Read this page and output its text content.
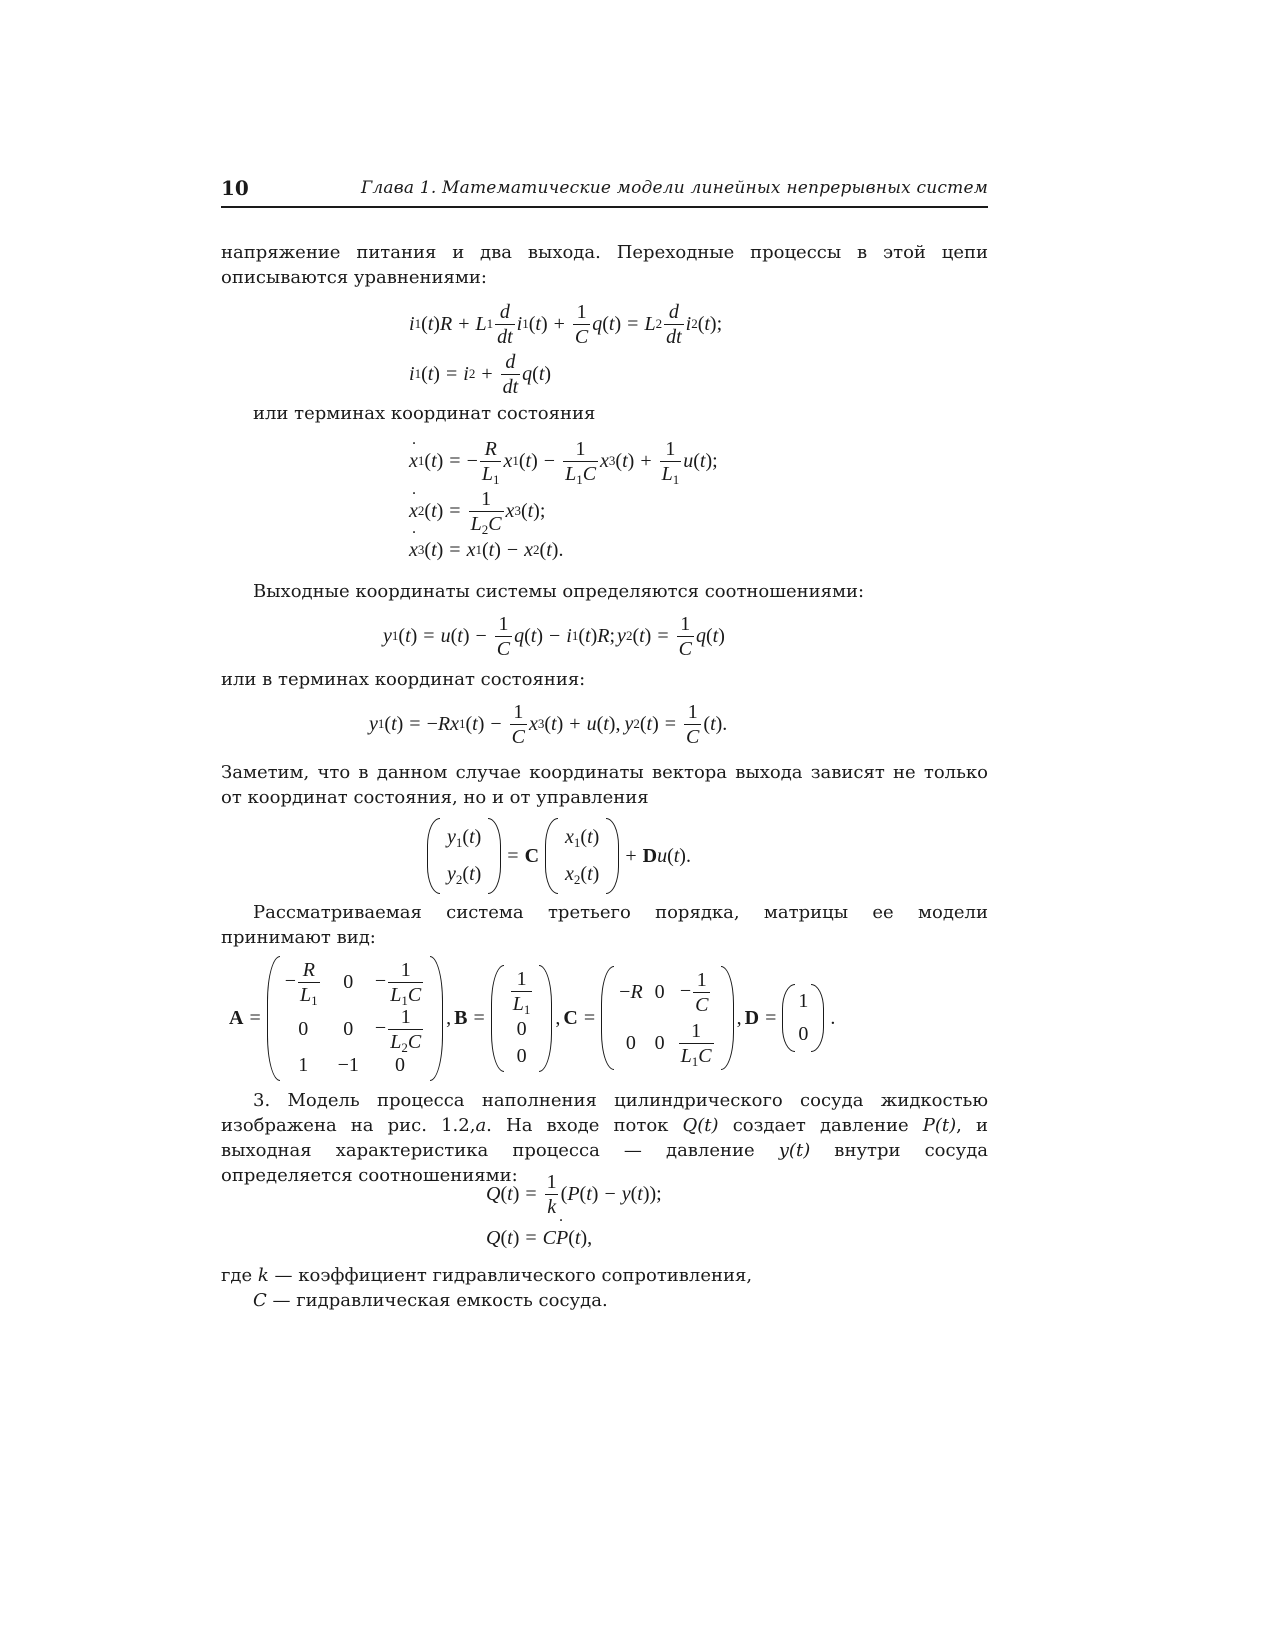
10	Глава 1. Математические модели линейных непрерывных систем
напряжение питания и два выхода. Переходные процессы в этой цепи описываются уравнениями:
i 1 ( t ) R + L $1 \frac{d}{dt}$ i 1 ( t ) + $\frac{1}{C}$ q ( t ) = L $2 \frac{d}{dt}$ i 2 ( t );
i 1 ( t ) = i $2 + \frac{d}{dt}$ q ( t )
или терминах координат состояния
˙ x 1 ( t ) = − $\frac{R}{L_1}$ x 1 ( t ) − $\frac{1}{L_1C}$ x 3 ( t ) + $\frac{1}{L_1}$ u ( t );
˙ x 2 ( t ) = $\frac{1}{L_2C}$ x 3 ( t );
˙ x 3 ( t ) = x 1 ( t ) − x 2 ( t ).
Выходные координаты системы определяются соотношениями:
y 1 ( t ) = u ( t ) − $\frac{1}{C}$ q ( t ) − i 1 ( t ) R ; y 2 ( t ) = $\frac{1}{C}$ q ( t )
или в терминах координат состояния:
y 1 ( t ) = − Rx 1 ( t ) − $\frac{1}{C}$ x 3 ( t ) + u ( t ), y 2 ( t ) = $\frac{1}{C}$ ( t ).
Заметим, что в данном случае координаты вектора выхода зависят не только от координат состояния, но и от управления
$y_1(t)$
$y_2(t)$
= C
$x_1(t)$
$x_2(t)$
+ D u ( t ).
Рассматриваемая система третьего порядка, матрицы ее модели принимают вид:
A =
− $\frac{R}{L_1} 0 - \frac{1}{L_1C}$
0 $0 - \frac{1}{L_2C}$
1 −1 0
, B =
$\frac{1}{L_1}$
0
0
, C =
−R $0 - \frac{1}{C}$
0 $0 \frac{1}{L_1C}$
, D =
1
0
.
3. Модель процесса наполнения цилиндрического сосуда жидкостью изображена на рис. 1.2,а. На входе поток Q(t) создает давление P(t), и выходная характеристика процесса — давление y(t) внутри сосуда определяется соотношениями:
Q ( t ) = $\frac{1}{k}$ ( P ( t ) − y ( t ));
Q ( t ) = C
˙ P ( t ),
где k — коэффициент гидравлического сопротивления,
C — гидравлическая емкость сосуда.
